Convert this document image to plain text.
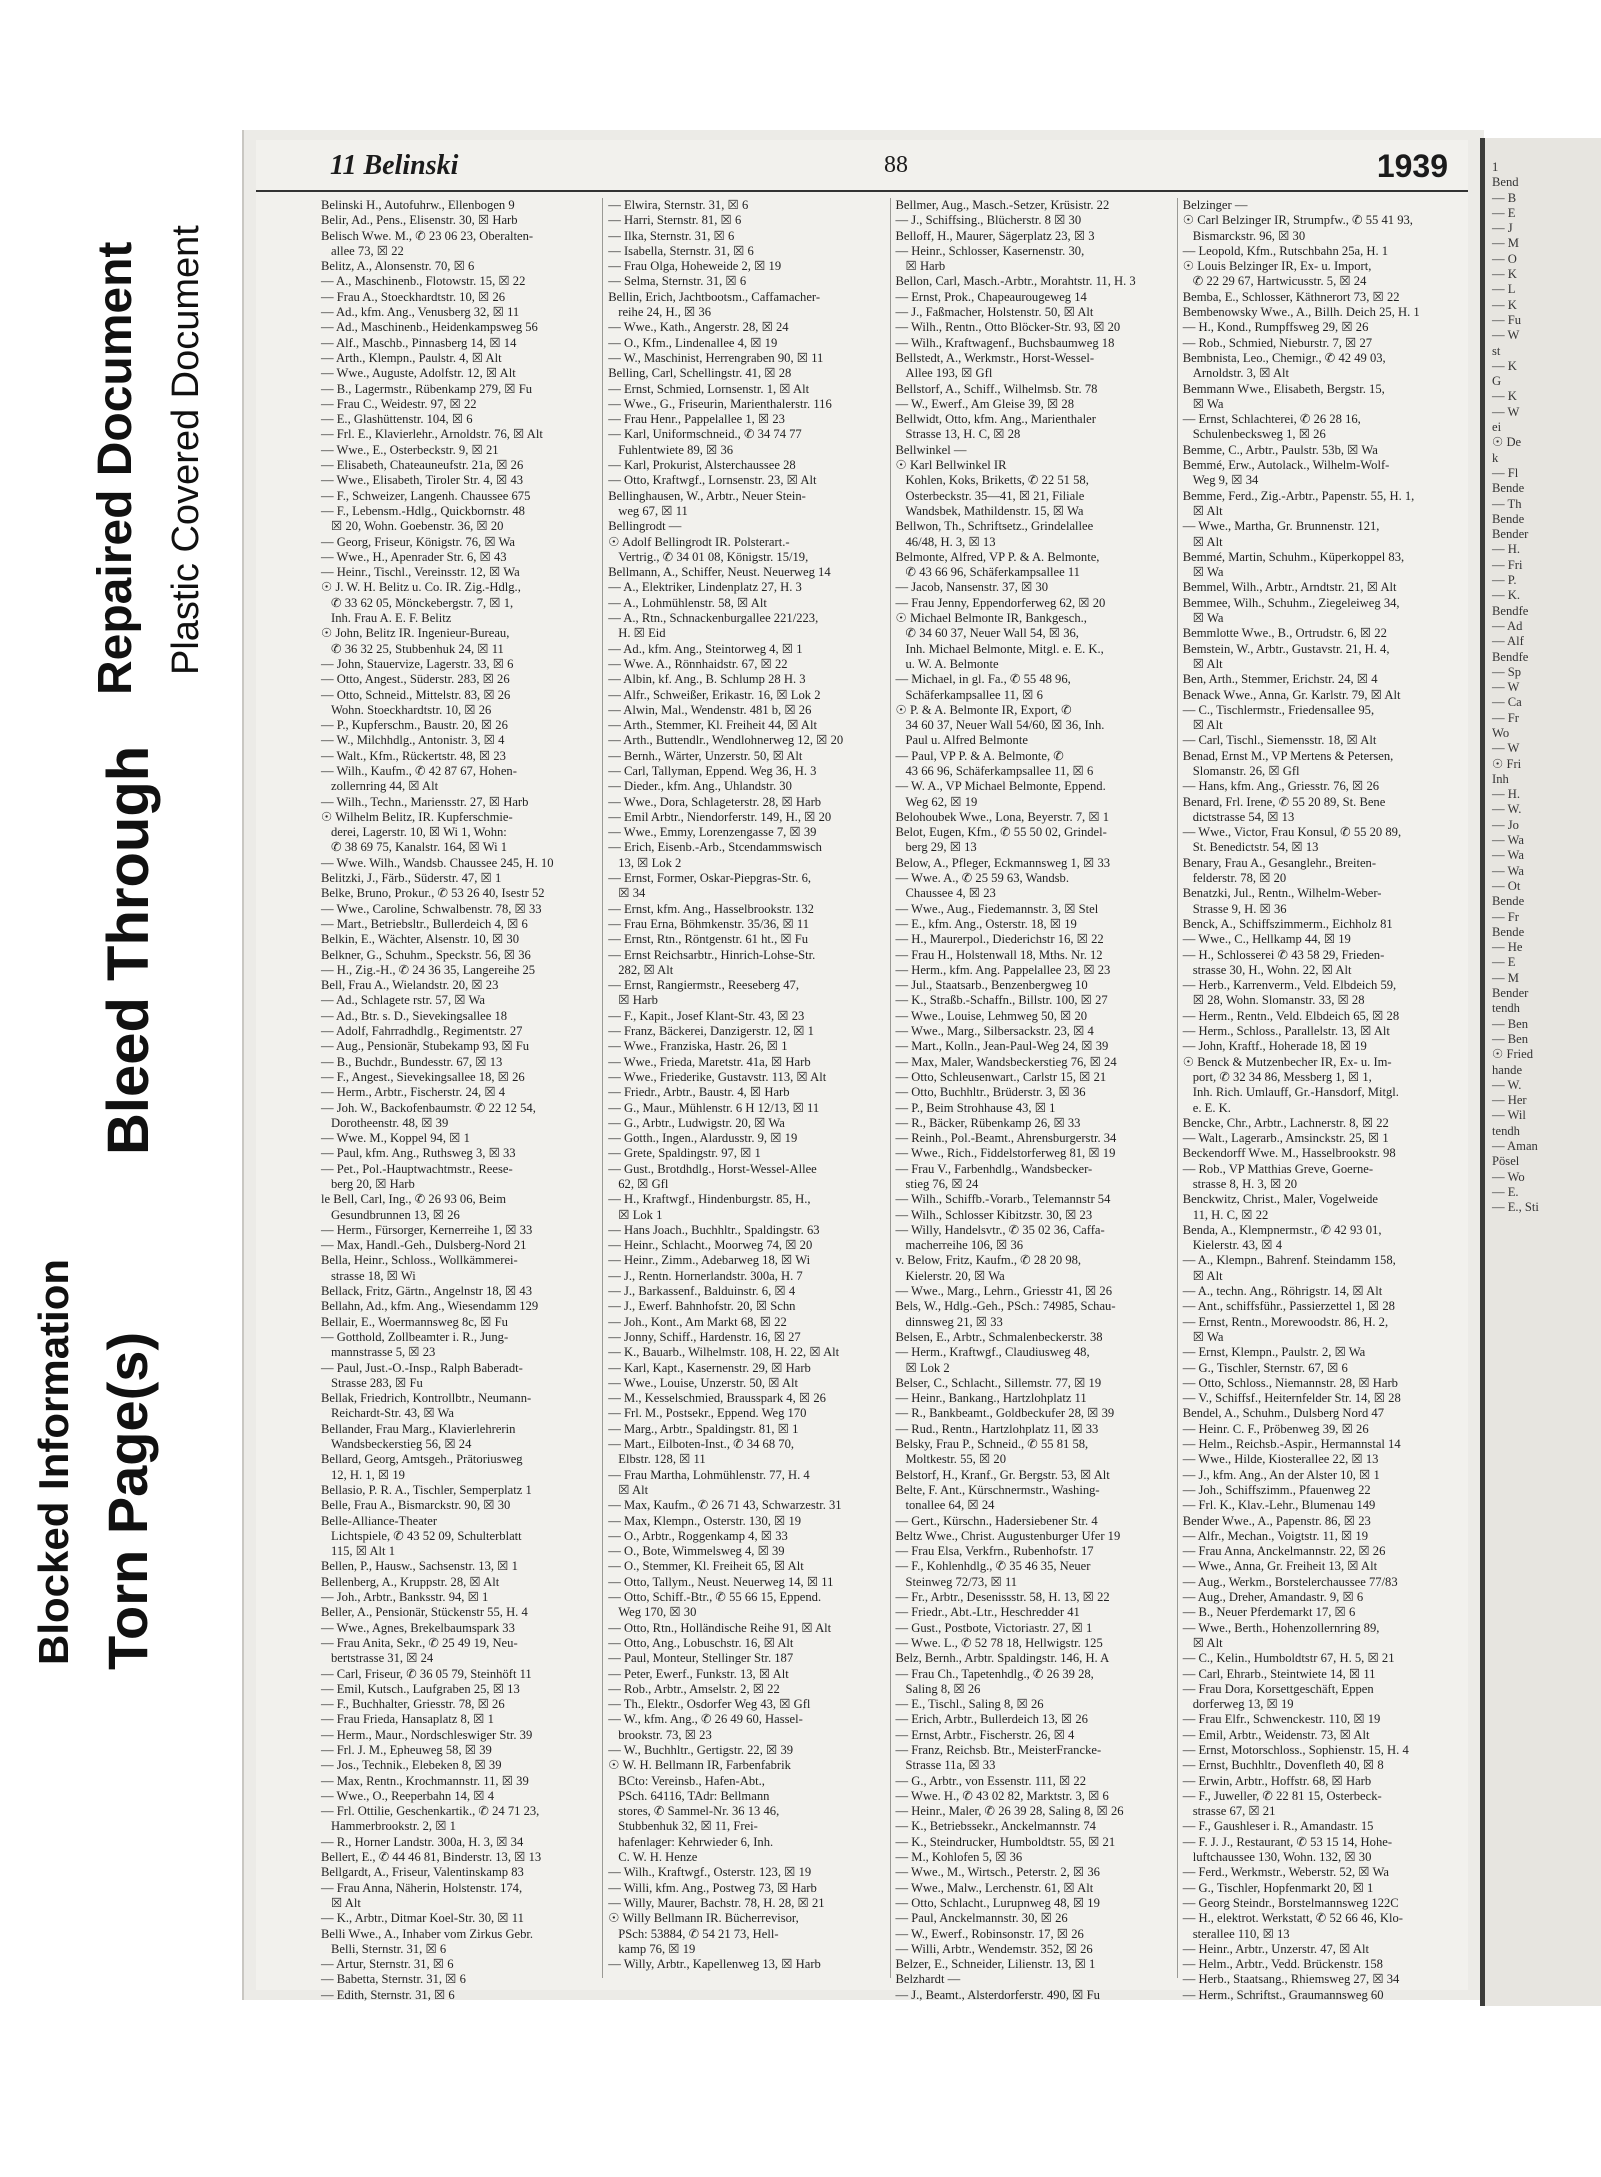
Blocked Information
Bleed Through
Torn Page(s)
Repaired Document Plastic Covered Document
1
Bend
— B
— E
— J
— M
— O
— K
— L
— K
— Fu
— W
st
— K
G
— K
— W
ei
☉ De
k
— Fl
Bende
— Th
Bende
Bender
— H.
— Fri
— P.
— K.
Bendfe
— Ad
— Alf
Bendfe
— Sp
— W
— Ca
— Fr
Wo
— W
☉ Fri
Inh
— H.
— W.
— Jo
— Wa
— Wa
— Wa
— Ot
Bende
— Fr
Bende
— He
— E
— M
Bender
tendh
— Ben
— Ben
☉ Fried
hande
— W.
— Her
— Wil
tendh
— Aman
Pösel
— Wo
— E.
— E., Sti
11 Belinski	88	1939
Belinski H., Autofuhrw., Ellenbogen 9
Belir, Ad., Pens., Elisenstr. 30, ☒ Harb
Belisch Wwe. M., ✆ 23 06 23, Oberalten-
allee 73, ☒ 22
Belitz, A., Alonsenstr. 70, ☒ 6
— A., Maschinenb., Flotowstr. 15, ☒ 22
— Frau A., Stoeckhardtstr. 10, ☒ 26
— Ad., kfm. Ang., Venusberg 32, ☒ 11
— Ad., Maschinenb., Heidenkampsweg 56
— Alf., Maschb., Pinnasberg 14, ☒ 14
— Arth., Klempn., Paulstr. 4, ☒ Alt
— Wwe., Auguste, Adolfstr. 12, ☒ Alt
— B., Lagermstr., Rübenkamp 279, ☒ Fu
— Frau C., Weidestr. 97, ☒ 22
— E., Glashüttenstr. 104, ☒ 6
— Frl. E., Klavierlehr., Arnoldstr. 76, ☒ Alt
— Wwe., E., Osterbeckstr. 9, ☒ 21
— Elisabeth, Chateauneufstr. 21a, ☒ 26
— Wwe., Elisabeth, Tiroler Str. 4, ☒ 43
— F., Schweizer, Langenh. Chaussee 675
— F., Lebensm.-Hdlg., Quickbornstr. 48
☒ 20, Wohn. Goebenstr. 36, ☒ 20
— Georg, Friseur, Königstr. 76, ☒ Wa
— Wwe., H., Apenrader Str. 6, ☒ 43
— Heinr., Tischl., Vereinsstr. 12, ☒ Wa
☉ J. W. H. Belitz u. Co. IR. Zig.-Hdlg.,
✆ 33 62 05, Mönckebergstr. 7, ☒ 1,
Inh. Frau A. E. F. Belitz
☉ John, Belitz IR. Ingenieur-Bureau,
✆ 36 32 25, Stubbenhuk 24, ☒ 11
— John, Stauervize, Lagerstr. 33, ☒ 6
— Otto, Angest., Süderstr. 283, ☒ 26
— Otto, Schneid., Mittelstr. 83, ☒ 26
Wohn. Stoeckhardtstr. 10, ☒ 26
— P., Kupferschm., Baustr. 20, ☒ 26
— W., Milchhdlg., Antonistr. 3, ☒ 4
— Walt., Kfm., Rückertstr. 48, ☒ 23
— Wilh., Kaufm., ✆ 42 87 67, Hohen-
zollernring 44, ☒ Alt
— Wilh., Techn., Mariensstr. 27, ☒ Harb
☉ Wilhelm Belitz, IR. Kupferschmie-
derei, Lagerstr. 10, ☒ Wi 1, Wohn:
✆ 38 69 75, Kanalstr. 164, ☒ Wi 1
— Wwe. Wilh., Wandsb. Chaussee 245, H. 10
Belitzki, J., Färb., Süderstr. 47, ☒ 1
Belke, Bruno, Prokur., ✆ 53 26 40, Isestr 52
— Wwe., Caroline, Schwalbenstr. 78, ☒ 33
— Mart., Betriebsltr., Bullerdeich 4, ☒ 6
Belkin, E., Wächter, Alsenstr. 10, ☒ 30
Belkner, G., Schuhm., Speckstr. 56, ☒ 36
— H., Zig.-H., ✆ 24 36 35, Langereihe 25
Bell, Frau A., Wielandstr. 20, ☒ 23
— Ad., Schlagete rstr. 57, ☒ Wa
— Ad., Btr. s. D., Sievekingsallee 18
— Adolf, Fahrradhdlg., Regimentstr. 27
— Aug., Pensionär, Stubekamp 93, ☒ Fu
— B., Buchdr., Bundesstr. 67, ☒ 13
— F., Angest., Sievekingsallee 18, ☒ 26
— Herm., Arbtr., Fischerstr. 24, ☒ 4
— Joh. W., Backofenbaumstr. ✆ 22 12 54,
Dorotheenstr. 48, ☒ 39
— Wwe. M., Koppel 94, ☒ 1
— Paul, kfm. Ang., Ruthsweg 3, ☒ 33
— Pet., Pol.-Hauptwachtmstr., Reese-
berg 20, ☒ Harb
le Bell, Carl, Ing., ✆ 26 93 06, Beim
Gesundbrunnen 13, ☒ 26
— Herm., Fürsorger, Kernerreihe 1, ☒ 33
— Max, Handl.-Geh., Dulsberg-Nord 21
Bella, Heinr., Schloss., Wollkämmerei-
strasse 18, ☒ Wi
Bellack, Fritz, Gärtn., Angelnstr 18, ☒ 43
Bellahn, Ad., kfm. Ang., Wiesendamm 129
Bellair, E., Woermannsweg 8c, ☒ Fu
— Gotthold, Zollbeamter i. R., Jung-
mannstrasse 5, ☒ 23
— Paul, Just.-O.-Insp., Ralph Baberadt-
Strasse 283, ☒ Fu
Bellak, Friedrich, Kontrollbtr., Neumann-
Reichardt-Str. 43, ☒ Wa
Bellander, Frau Marg., Klavierlehrerin
Wandsbeckerstieg 56, ☒ 24
Bellard, Georg, Amtsgeh., Prätoriusweg
12, H. 1, ☒ 19
Bellasio, P. R. A., Tischler, Semperplatz 1
Belle, Frau A., Bismarckstr. 90, ☒ 30
Belle-Alliance-Theater
Lichtspiele, ✆ 43 52 09, Schulterblatt
115, ☒ Alt 1
Bellen, P., Hausw., Sachsenstr. 13, ☒ 1
Bellenberg, A., Kruppstr. 28, ☒ Alt
— Joh., Arbtr., Banksstr. 94, ☒ 1
Beller, A., Pensionär, Stückenstr 55, H. 4
— Wwe., Agnes, Brekelbaumspark 33
— Frau Anita, Sekr., ✆ 25 49 19, Neu-
bertstrasse 31, ☒ 24
— Carl, Friseur, ✆ 36 05 79, Steinhöft 11
— Emil, Kutsch., Laufgraben 25, ☒ 13
— F., Buchhalter, Griesstr. 78, ☒ 26
— Frau Frieda, Hansaplatz 8, ☒ 1
— Herm., Maur., Nordschleswiger Str. 39
— Frl. J. M., Epheuweg 58, ☒ 39
— Jos., Technik., Elebeken 8, ☒ 39
— Max, Rentn., Krochmannstr. 11, ☒ 39
— Wwe., O., Reeperbahn 14, ☒ 4
— Frl. Ottilie, Geschenkartik., ✆ 24 71 23,
Hammerbrookstr. 2, ☒ 1
— R., Horner Landstr. 300a, H. 3, ☒ 34
Bellert, E., ✆ 44 46 81, Binderstr. 13, ☒ 13
Bellgardt, A., Friseur, Valentinskamp 83
— Frau Anna, Näherin, Holstenstr. 174,
☒ Alt
— K., Arbtr., Ditmar Koel-Str. 30, ☒ 11
Belli Wwe., A., Inhaber vom Zirkus Gebr.
Belli, Sternstr. 31, ☒ 6
— Artur, Sternstr. 31, ☒ 6
— Babetta, Sternstr. 31, ☒ 6
— Edith, Sternstr. 31, ☒ 6
— Elwira, Sternstr. 31, ☒ 6
— Harri, Sternstr. 81, ☒ 6
— Ilka, Sternstr. 31, ☒ 6
— Isabella, Sternstr. 31, ☒ 6
— Frau Olga, Hoheweide 2, ☒ 19
— Selma, Sternstr. 31, ☒ 6
Bellin, Erich, Jachtbootsm., Caffamacher-
reihe 24, H., ☒ 36
— Wwe., Kath., Angerstr. 28, ☒ 24
— O., Kfm., Lindenallee 4, ☒ 19
— W., Maschinist, Herrengraben 90, ☒ 11
Belling, Carl, Schellingstr. 41, ☒ 28
— Ernst, Schmied, Lornsenstr. 1, ☒ Alt
— Wwe., G., Friseurin, Marienthalerstr. 116
— Frau Henr., Pappelallee 1, ☒ 23
— Karl, Uniformschneid., ✆ 34 74 77
Fuhlentwiete 89, ☒ 36
— Karl, Prokurist, Alsterchaussee 28
— Otto, Kraftwgf., Lornsenstr. 23, ☒ Alt
Bellinghausen, W., Arbtr., Neuer Stein-
weg 67, ☒ 11
Bellingrodt —
☉ Adolf Bellingrodt IR. Polsterart.-
Vertrig., ✆ 34 01 08, Königstr. 15/19,
Bellmann, A., Schiffer, Neust. Neuerweg 14
— A., Elektriker, Lindenplatz 27, H. 3
— A., Lohmühlenstr. 58, ☒ Alt
— A., Rtn., Schnackenburgallee 221/223,
H. ☒ Eid
— Ad., kfm. Ang., Steintorweg 4, ☒ 1
— Wwe. A., Rönnhaidstr. 67, ☒ 22
— Albin, kf. Ang., B. Schlump 28 H. 3
— Alfr., Schweißer, Erikastr. 16, ☒ Lok 2
— Alwin, Mal., Wendenstr. 481 b, ☒ 26
— Arth., Stemmer, Kl. Freiheit 44, ☒ Alt
— Arth., Buttendlr., Wendlohnerweg 12, ☒ 20
— Bernh., Wärter, Unzerstr. 50, ☒ Alt
— Carl, Tallyman, Eppend. Weg 36, H. 3
— Dieder., kfm. Ang., Uhlandstr. 30
— Wwe., Dora, Schlageterstr. 28, ☒ Harb
— Emil Arbtr., Niendorferstr. 149, H., ☒ 20
— Wwe., Emmy, Lorenzengasse 7, ☒ 39
— Erich, Eisenb.-Arb., Stcendammswisch
13, ☒ Lok 2
— Ernst, Former, Oskar-Piepgras-Str. 6,
☒ 34
— Ernst, kfm. Ang., Hasselbrookstr. 132
— Frau Erna, Böhmkenstr. 35/36, ☒ 11
— Ernst, Rtn., Röntgenstr. 61 ht., ☒ Fu
— Ernst Reichsarbtr., Hinrich-Lohse-Str.
282, ☒ Alt
— Ernst, Rangiermstr., Reeseberg 47,
☒ Harb
— F., Kapit., Josef Klant-Str. 43, ☒ 23
— Franz, Bäckerei, Danzigerstr. 12, ☒ 1
— Wwe., Franziska, Hastr. 26, ☒ 1
— Wwe., Frieda, Maretstr. 41a, ☒ Harb
— Wwe., Friederike, Gustavstr. 113, ☒ Alt
— Friedr., Arbtr., Baustr. 4, ☒ Harb
— G., Maur., Mühlenstr. 6 H 12/13, ☒ 11
— G., Arbtr., Ludwigstr. 20, ☒ Wa
— Gotth., Ingen., Alardusstr. 9, ☒ 19
— Grete, Spaldingstr. 97, ☒ 1
— Gust., Brotdhdlg., Horst-Wessel-Allee
62, ☒ Gfl
— H., Kraftwgf., Hindenburgstr. 85, H.,
☒ Lok 1
— Hans Joach., Buchhltr., Spaldingstr. 63
— Heinr., Schlacht., Moorweg 74, ☒ 20
— Heinr., Zimm., Adebarweg 18, ☒ Wi
— J., Rentn. Hornerlandstr. 300a, H. 7
— J., Barkassenf., Balduinstr. 6, ☒ 4
— J., Ewerf. Bahnhofstr. 20, ☒ Schn
— Joh., Kont., Am Markt 68, ☒ 22
— Jonny, Schiff., Hardenstr. 16, ☒ 27
— K., Bauarb., Wilhelmstr. 108, H. 22, ☒ Alt
— Karl, Kapt., Kasernenstr. 29, ☒ Harb
— Wwe., Louise, Unzerstr. 50, ☒ Alt
— M., Kesselschmied, Brausspark 4, ☒ 26
— Frl. M., Postsekr., Eppend. Weg 170
— Marg., Arbtr., Spaldingstr. 81, ☒ 1
— Mart., Eilboten-Inst., ✆ 34 68 70,
Elbstr. 128, ☒ 11
— Frau Martha, Lohmühlenstr. 77, H. 4
☒ Alt
— Max, Kaufm., ✆ 26 71 43, Schwarzestr. 31
— Max, Klempn., Osterstr. 130, ☒ 19
— O., Arbtr., Roggenkamp 4, ☒ 33
— O., Bote, Wimmelsweg 4, ☒ 39
— O., Stemmer, Kl. Freiheit 65, ☒ Alt
— Otto, Tallym., Neust. Neuerweg 14, ☒ 11
— Otto, Schiff.-Btr., ✆ 55 66 15, Eppend.
Weg 170, ☒ 30
— Otto, Rtn., Holländische Reihe 91, ☒ Alt
— Otto, Ang., Lobuschstr. 16, ☒ Alt
— Paul, Monteur, Stellinger Str. 187
— Peter, Ewerf., Funkstr. 13, ☒ Alt
— Rob., Arbtr., Amselstr. 2, ☒ 22
— Th., Elektr., Osdorfer Weg 43, ☒ Gfl
— W., kfm. Ang., ✆ 26 49 60, Hassel-
brookstr. 73, ☒ 23
— W., Buchhltr., Gertigstr. 22, ☒ 39
☉ W. H. Bellmann IR, Farbenfabrik
BCto: Vereinsb., Hafen-Abt.,
PSch. 64116, TAdr: Bellmann
stores, ✆ Sammel-Nr. 36 13 46,
Stubbenhuk 32, ☒ 11, Frei-
hafenlager: Kehrwieder 6, Inh.
C. W. H. Henze
— Wilh., Kraftwgf., Osterstr. 123, ☒ 19
— Willi, kfm. Ang., Postweg 73, ☒ Harb
— Willy, Maurer, Bachstr. 78, H. 28, ☒ 21
☉ Willy Bellmann IR. Bücherrevisor,
PSch: 53884, ✆ 54 21 73, Hell-
kamp 76, ☒ 19
— Willy, Arbtr., Kapellenweg 13, ☒ Harb
Bellmer, Aug., Masch.-Setzer, Krüsistr. 22
— J., Schiffsing., Blücherstr. 8 ☒ 30
Belloff, H., Maurer, Sägerplatz 23, ☒ 3
— Heinr., Schlosser, Kasernenstr. 30,
☒ Harb
Bellon, Carl, Masch.-Arbtr., Morahtstr. 11, H. 3
— Ernst, Prok., Chapeaurougeweg 14
— J., Faßmacher, Holstenstr. 50, ☒ Alt
— Wilh., Rentn., Otto Blöcker-Str. 93, ☒ 20
— Wilh., Kraftwagenf., Buchsbaumweg 18
Bellstedt, A., Werkmstr., Horst-Wessel-
Allee 193, ☒ Gfl
Bellstorf, A., Schiff., Wilhelmsb. Str. 78
— W., Ewerf., Am Gleise 39, ☒ 28
Bellwidt, Otto, kfm. Ang., Marienthaler
Strasse 13, H. C, ☒ 28
Bellwinkel —
☉ Karl Bellwinkel IR
Kohlen, Koks, Briketts, ✆ 22 51 58,
Osterbeckstr. 35—41, ☒ 21, Filiale
Wandsbek, Mathildenstr. 15, ☒ Wa
Bellwon, Th., Schriftsetz., Grindelallee
46/48, H. 3, ☒ 13
Belmonte, Alfred, VP P. & A. Belmonte,
✆ 43 66 96, Schäferkampsallee 11
— Jacob, Nansenstr. 37, ☒ 30
— Frau Jenny, Eppendorferweg 62, ☒ 20
☉ Michael Belmonte IR, Bankgesch.,
✆ 34 60 37, Neuer Wall 54, ☒ 36,
Inh. Michael Belmonte, Mitgl. e. E. K.,
u. W. A. Belmonte
— Michael, in gl. Fa., ✆ 55 48 96,
Schäferkampsallee 11, ☒ 6
☉ P. & A. Belmonte IR, Export, ✆
34 60 37, Neuer Wall 54/60, ☒ 36, Inh.
Paul u. Alfred Belmonte
— Paul, VP P. & A. Belmonte, ✆
43 66 96, Schäferkampsallee 11, ☒ 6
— W. A., VP Michael Belmonte, Eppend.
Weg 62, ☒ 19
Belohoubek Wwe., Lona, Beyerstr. 7, ☒ 1
Belot, Eugen, Kfm., ✆ 55 50 02, Grindel-
berg 29, ☒ 13
Below, A., Pfleger, Eckmannsweg 1, ☒ 33
— Wwe. A., ✆ 25 59 63, Wandsb.
Chaussee 4, ☒ 23
— Wwe., Aug., Fiedemannstr. 3, ☒ Stel
— E., kfm. Ang., Osterstr. 18, ☒ 19
— H., Maurerpol., Diederichstr 16, ☒ 22
— Frau H., Holstenwall 18, Mths. Nr. 12
— Herm., kfm. Ang. Pappelallee 23, ☒ 23
— Jul., Staatsarb., Benzenbergweg 10
— K., Straßb.-Schaffn., Billstr. 100, ☒ 27
— Wwe., Louise, Lehmweg 50, ☒ 20
— Wwe., Marg., Silbersackstr. 23, ☒ 4
— Mart., Kolln., Jean-Paul-Weg 24, ☒ 39
— Max, Maler, Wandsbeckerstieg 76, ☒ 24
— Otto, Schleusenwart., Carlstr 15, ☒ 21
— Otto, Buchhltr., Brüderstr. 3, ☒ 36
— P., Beim Strohhause 43, ☒ 1
— R., Bäcker, Rübenkamp 26, ☒ 33
— Reinh., Pol.-Beamt., Ahrensburgerstr. 34
— Wwe., Rich., Fiddelstorferweg 81, ☒ 19
— Frau V., Farbenhdlg., Wandsbecker-
stieg 76, ☒ 24
— Wilh., Schiffb.-Vorarb., Telemannstr 54
— Wilh., Schlosser Kibitzstr. 30, ☒ 23
— Willy, Handelsvtr., ✆ 35 02 36, Caffa-
macherreihe 106, ☒ 36
v. Below, Fritz, Kaufm., ✆ 28 20 98,
Kielerstr. 20, ☒ Wa
— Wwe., Marg., Lehrn., Griesstr 41, ☒ 26
Bels, W., Hdlg.-Geh., PSch.: 74985, Schau-
dinnsweg 21, ☒ 33
Belsen, E., Arbtr., Schmalenbeckerstr. 38
— Herm., Kraftwgf., Claudiusweg 48,
☒ Lok 2
Belser, C., Schlacht., Sillemstr. 77, ☒ 19
— Heinr., Bankang., Hartzlohplatz 11
— R., Bankbeamt., Goldbeckufer 28, ☒ 39
— Rud., Rentn., Hartzlohplatz 11, ☒ 33
Belsky, Frau P., Schneid., ✆ 55 81 58,
Moltkestr. 55, ☒ 20
Belstorf, H., Kranf., Gr. Bergstr. 53, ☒ Alt
Belte, F. Ant., Kürschnermstr., Washing-
tonallee 64, ☒ 24
— Gert., Kürschn., Hadersiebener Str. 4
Beltz Wwe., Christ. Augustenburger Ufer 19
— Frau Elsa, Verkfrn., Rubenhofstr. 17
— F., Kohlenhdlg., ✆ 35 46 35, Neuer
Steinweg 72/73, ☒ 11
— Fr., Arbtr., Desenissstr. 58, H. 13, ☒ 22
— Friedr., Abt.-Ltr., Heschredder 41
— Gust., Postbote, Victoriastr. 27, ☒ 1
— Wwe. L., ✆ 52 78 18, Hellwigstr. 125
Belz, Bernh., Arbtr. Spaldingstr. 146, H. A
— Frau Ch., Tapetenhdlg., ✆ 26 39 28,
Saling 8, ☒ 26
— E., Tischl., Saling 8, ☒ 26
— Erich, Arbtr., Bullerdeich 13, ☒ 26
— Ernst, Arbtr., Fischerstr. 26, ☒ 4
— Franz, Reichsb. Btr., MeisterFrancke-
Strasse 11a, ☒ 33
— G., Arbtr., von Essenstr. 111, ☒ 22
— Wwe. H., ✆ 43 02 82, Marktstr. 3, ☒ 6
— Heinr., Maler, ✆ 26 39 28, Saling 8, ☒ 26
— K., Betriebssekr., Anckelmannstr. 74
— K., Steindrucker, Humboldtstr. 55, ☒ 21
— M., Kohlofen 5, ☒ 36
— Wwe., M., Wirtsch., Peterstr. 2, ☒ 36
— Wwe., Malw., Lerchenstr. 61, ☒ Alt
— Otto, Schlacht., Lurupnweg 48, ☒ 19
— Paul, Anckelmannstr. 30, ☒ 26
— W., Ewerf., Robinsonstr. 17, ☒ 26
— Willi, Arbtr., Wendemstr. 352, ☒ 26
Belzer, E., Schneider, Lilienstr. 13, ☒ 1
Belzhardt —
— J., Beamt., Alsterdorferstr. 490, ☒ Fu
Belzinger —
☉ Carl Belzinger IR, Strumpfw., ✆ 55 41 93,
Bismarckstr. 96, ☒ 30
— Leopold, Kfm., Rutschbahn 25a, H. 1
☉ Louis Belzinger IR, Ex- u. Import,
✆ 22 29 67, Hartwicusstr. 5, ☒ 24
Bemba, E., Schlosser, Käthnerort 73, ☒ 22
Bembenowsky Wwe., A., Billh. Deich 25, H. 1
— H., Kond., Rumpffsweg 29, ☒ 26
— Rob., Schmied, Nieburstr. 7, ☒ 27
Bembnista, Leo., Chemigr., ✆ 42 49 03,
Arnoldstr. 3, ☒ Alt
Bemmann Wwe., Elisabeth, Bergstr. 15,
☒ Wa
— Ernst, Schlachterei, ✆ 26 28 16,
Schulenbecksweg 1, ☒ 26
Bemme, C., Arbtr., Paulstr. 53b, ☒ Wa
Bemmé, Erw., Autolack., Wilhelm-Wolf-
Weg 9, ☒ 34
Bemme, Ferd., Zig.-Arbtr., Papenstr. 55, H. 1,
☒ Alt
— Wwe., Martha, Gr. Brunnenstr. 121,
☒ Alt
Bemmé, Martin, Schuhm., Küperkoppel 83,
☒ Wa
Bemmel, Wilh., Arbtr., Arndtstr. 21, ☒ Alt
Bemmee, Wilh., Schuhm., Ziegeleiweg 34,
☒ Wa
Bemmlotte Wwe., B., Ortrudstr. 6, ☒ 22
Bemstein, W., Arbtr., Gustavstr. 21, H. 4,
☒ Alt
Ben, Arth., Stemmer, Erichstr. 24, ☒ 4
Benack Wwe., Anna, Gr. Karlstr. 79, ☒ Alt
— C., Tischlermstr., Friedensallee 95,
☒ Alt
— Carl, Tischl., Siemensstr. 18, ☒ Alt
Benad, Ernst M., VP Mertens & Petersen,
Slomanstr. 26, ☒ Gfl
— Hans, kfm. Ang., Griesstr. 76, ☒ 26
Benard, Frl. Irene, ✆ 55 20 89, St. Bene
dictstrasse 54, ☒ 13
— Wwe., Victor, Frau Konsul, ✆ 55 20 89,
St. Benedictstr. 54, ☒ 13
Benary, Frau A., Gesanglehr., Breiten-
felderstr. 78, ☒ 20
Benatzki, Jul., Rentn., Wilhelm-Weber-
Strasse 9, H. ☒ 36
Benck, A., Schiffszimmerm., Eichholz 81
— Wwe., C., Hellkamp 44, ☒ 19
— H., Schlosserei ✆ 43 58 29, Frieden-
strasse 30, H., Wohn. 22, ☒ Alt
— Herb., Karrenverm., Veld. Elbdeich 59,
☒ 28, Wohn. Slomanstr. 33, ☒ 28
— Herm., Rentn., Veld. Elbdeich 65, ☒ 28
— Herm., Schloss., Parallelstr. 13, ☒ Alt
— John, Kraftf., Hoherade 18, ☒ 19
☉ Benck & Mutzenbecher IR, Ex- u. Im-
port, ✆ 32 34 86, Messberg 1, ☒ 1,
Inh. Rich. Umlauff, Gr.-Hansdorf, Mitgl.
e. E. K.
Bencke, Chr., Arbtr., Lachnerstr. 8, ☒ 22
— Walt., Lagerarb., Amsinckstr. 25, ☒ 1
Beckendorff Wwe. M., Hasselbrookstr. 98
— Rob., VP Matthias Greve, Goerne-
strasse 8, H. 3, ☒ 20
Benckwitz, Christ., Maler, Vogelweide
11, H. C, ☒ 22
Benda, A., Klempnermstr., ✆ 42 93 01,
Kielerstr. 43, ☒ 4
— A., Klempn., Bahrenf. Steindamm 158,
☒ Alt
— A., techn. Ang., Röhrigstr. 14, ☒ Alt
— Ant., schiffsführ., Passierzettel 1, ☒ 28
— Ernst, Rentn., Morewoodstr. 86, H. 2,
☒ Wa
— Ernst, Klempn., Paulstr. 2, ☒ Wa
— G., Tischler, Sternstr. 67, ☒ 6
— Otto, Schloss., Niemannstr. 28, ☒ Harb
— V., Schiffsf., Heiternfelder Str. 14, ☒ 28
Bendel, A., Schuhm., Dulsberg Nord 47
— Heinr. C. F., Pröbenweg 39, ☒ 26
— Helm., Reichsb.-Aspir., Hermannstal 14
— Wwe., Hilde, Kiosterallee 22, ☒ 13
— J., kfm. Ang., An der Alster 10, ☒ 1
— Joh., Schiffszimm., Pfauenweg 22
— Frl. K., Klav.-Lehr., Blumenau 149
Bender Wwe., A., Papenstr. 86, ☒ 23
— Alfr., Mechan., Voigtstr. 11, ☒ 19
— Frau Anna, Anckelmannstr. 22, ☒ 26
— Wwe., Anna, Gr. Freiheit 13, ☒ Alt
— Aug., Werkm., Borstelerchaussee 77/83
— Aug., Dreher, Amandastr. 9, ☒ 6
— B., Neuer Pferdemarkt 17, ☒ 6
— Wwe., Berth., Hohenzollernring 89,
☒ Alt
— C., Kelin., Humboldtstr 67, H. 5, ☒ 21
— Carl, Ehrarb., Steintwiete 14, ☒ 11
— Frau Dora, Korsettgeschäft, Eppen
dorferweg 13, ☒ 19
— Frau Elfr., Schwenckestr. 110, ☒ 19
— Emil, Arbtr., Weidenstr. 73, ☒ Alt
— Ernst, Motorschloss., Sophienstr. 15, H. 4
— Ernst, Buchhltr., Dovenfleth 40, ☒ 8
— Erwin, Arbtr., Hoffstr. 68, ☒ Harb
— F., Juweller, ✆ 22 81 15, Osterbeck-
strasse 67, ☒ 21
— F., Gaushleser i. R., Amandastr. 15
— F. J. J., Restaurant, ✆ 53 15 14, Hohe-
luftchaussee 130, Wohn. 132, ☒ 30
— Ferd., Werkmstr., Weberstr. 52, ☒ Wa
— G., Tischler, Hopfenmarkt 20, ☒ 1
— Georg Steindr., Borstelmannsweg 122C
— H., elektrot. Werkstatt, ✆ 52 66 46, Klo-
sterallee 110, ☒ 13
— Heinr., Arbtr., Unzerstr. 47, ☒ Alt
— Helm., Arbtr., Vedd. Brückenstr. 158
— Herb., Staatsang., Rhiemsweg 27, ☒ 34
— Herm., Schriftst., Graumannsweg 60
